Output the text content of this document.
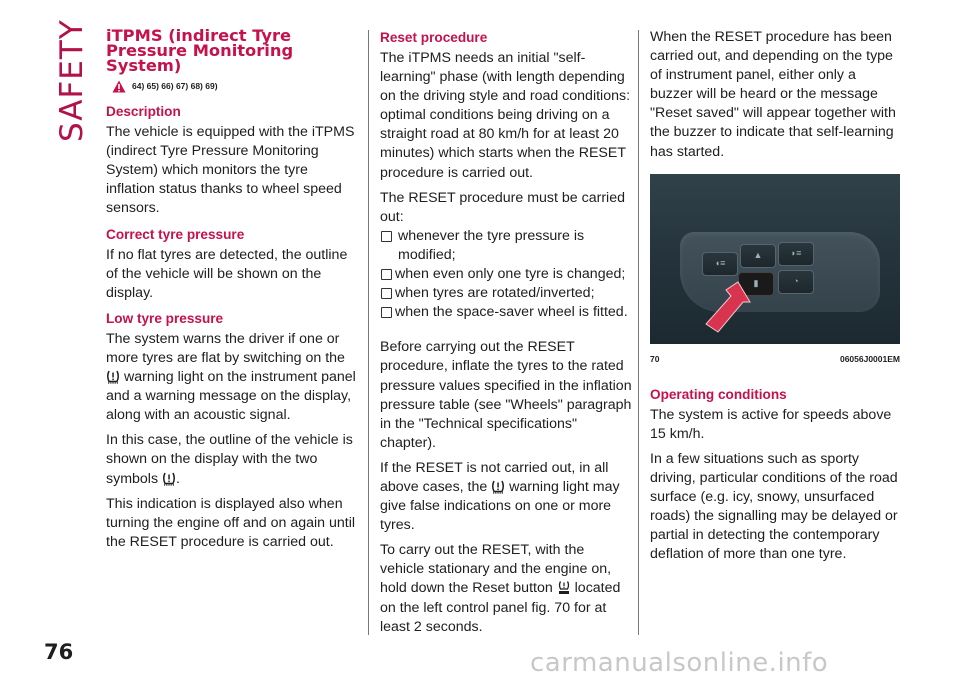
SAFETY iTPMS (indirect Tyre
Pressure Monitoring
System)
64) 65) 66) 67) 68) 69)
Description

The vehicle is equipped with the iTPMS (indirect Tyre Pressure Monitoring System) which monitors the tyre inflation status thanks to wheel speed sensors.

Correct tyre pressure

If no flat tyres are detected, the outline of the vehicle will be shown on the display.

Low tyre pressure

The system warns the driver if one or more tyres are flat by switching on the
warning light on the instrument panel and a warning message on the display, along with an acoustic signal.

In this case, the outline of the vehicle is shown on the display with the two symbols .

This indication is displayed also when turning the engine off and on again until the RESET procedure is carried out.

Reset procedure

The iTPMS needs an initial "self-learning" phase (with length depending on the driving style and road conditions: optimal conditions being driving on a straight road at 80 km/h for at least 20 minutes) which starts when the RESET procedure is carried out.

The RESET procedure must be carried out:

whenever the tyre pressure is modified;
when even only one tyre is changed;
when tyres are rotated/inverted;
when the space-saver wheel is fitted.

Before carrying out the RESET procedure, inflate the tyres to the rated pressure values specified in the inflation pressure table (see "Wheels" paragraph in the "Technical specifications" chapter).

If the RESET is not carried out, in all above cases, the warning light may give false indications on one or more tyres.

To carry out the RESET, with the vehicle stationary and the engine on, hold down the Reset button located on the left control panel fig. 70 for at least 2 seconds.

When the RESET procedure has been carried out, and depending on the type of instrument panel, either only a buzzer will be heard or the message "Reset saved" will appear together with the buzzer to indicate that self-learning has started.

◖≡
▲	◗≡
▮	◔
70	06056J0001EM
Operating conditions

The system is active for speeds above 15 km/h.

In a few situations such as sporty driving, particular conditions of the road surface (e.g. icy, snowy, unsurfaced roads) the signalling may be delayed or partial in detecting the contemporary deflation of more than one tyre.

76	carmanualsonline.info
